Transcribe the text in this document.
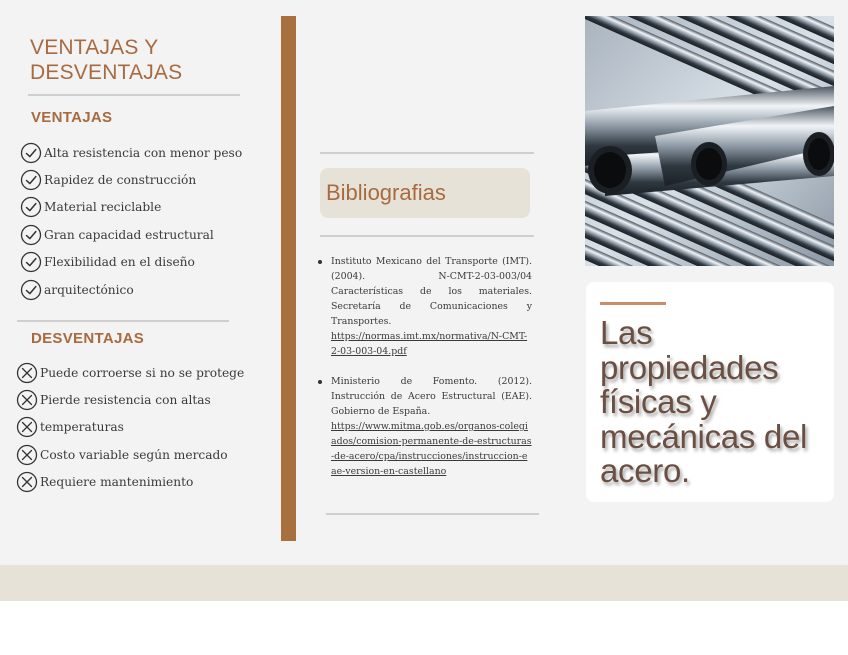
VENTAJAS Y DESVENTAJAS
VENTAJAS
Alta resistencia con menor peso
Rapidez de construcción
Material reciclable
Gran capacidad estructural
Flexibilidad en el diseño
arquitectónico
DESVENTAJAS
Puede corroerse si no se protege
Pierde resistencia con altas
temperaturas
Costo variable según mercado
Requiere mantenimiento
Bibliografias
Instituto Mexicano del Transporte (IMT). (2004). N-CMT-2-03-003/04 Características de los materiales. Secretaría de Comunicaciones y Transportes.
https://normas.imt.mx/normativa/N-CMT-2-03-003-04.pdf
Ministerio de Fomento. (2012). Instrucción de Acero Estructural (EAE). Gobierno de España.
https://www.mitma.gob.es/organos-colegiados/comision-permanente-de-estructuras-de-acero/cpa/instrucciones/instruccion-eae-version-en-castellano
Las propiedades físicas y mecánicas del acero.
